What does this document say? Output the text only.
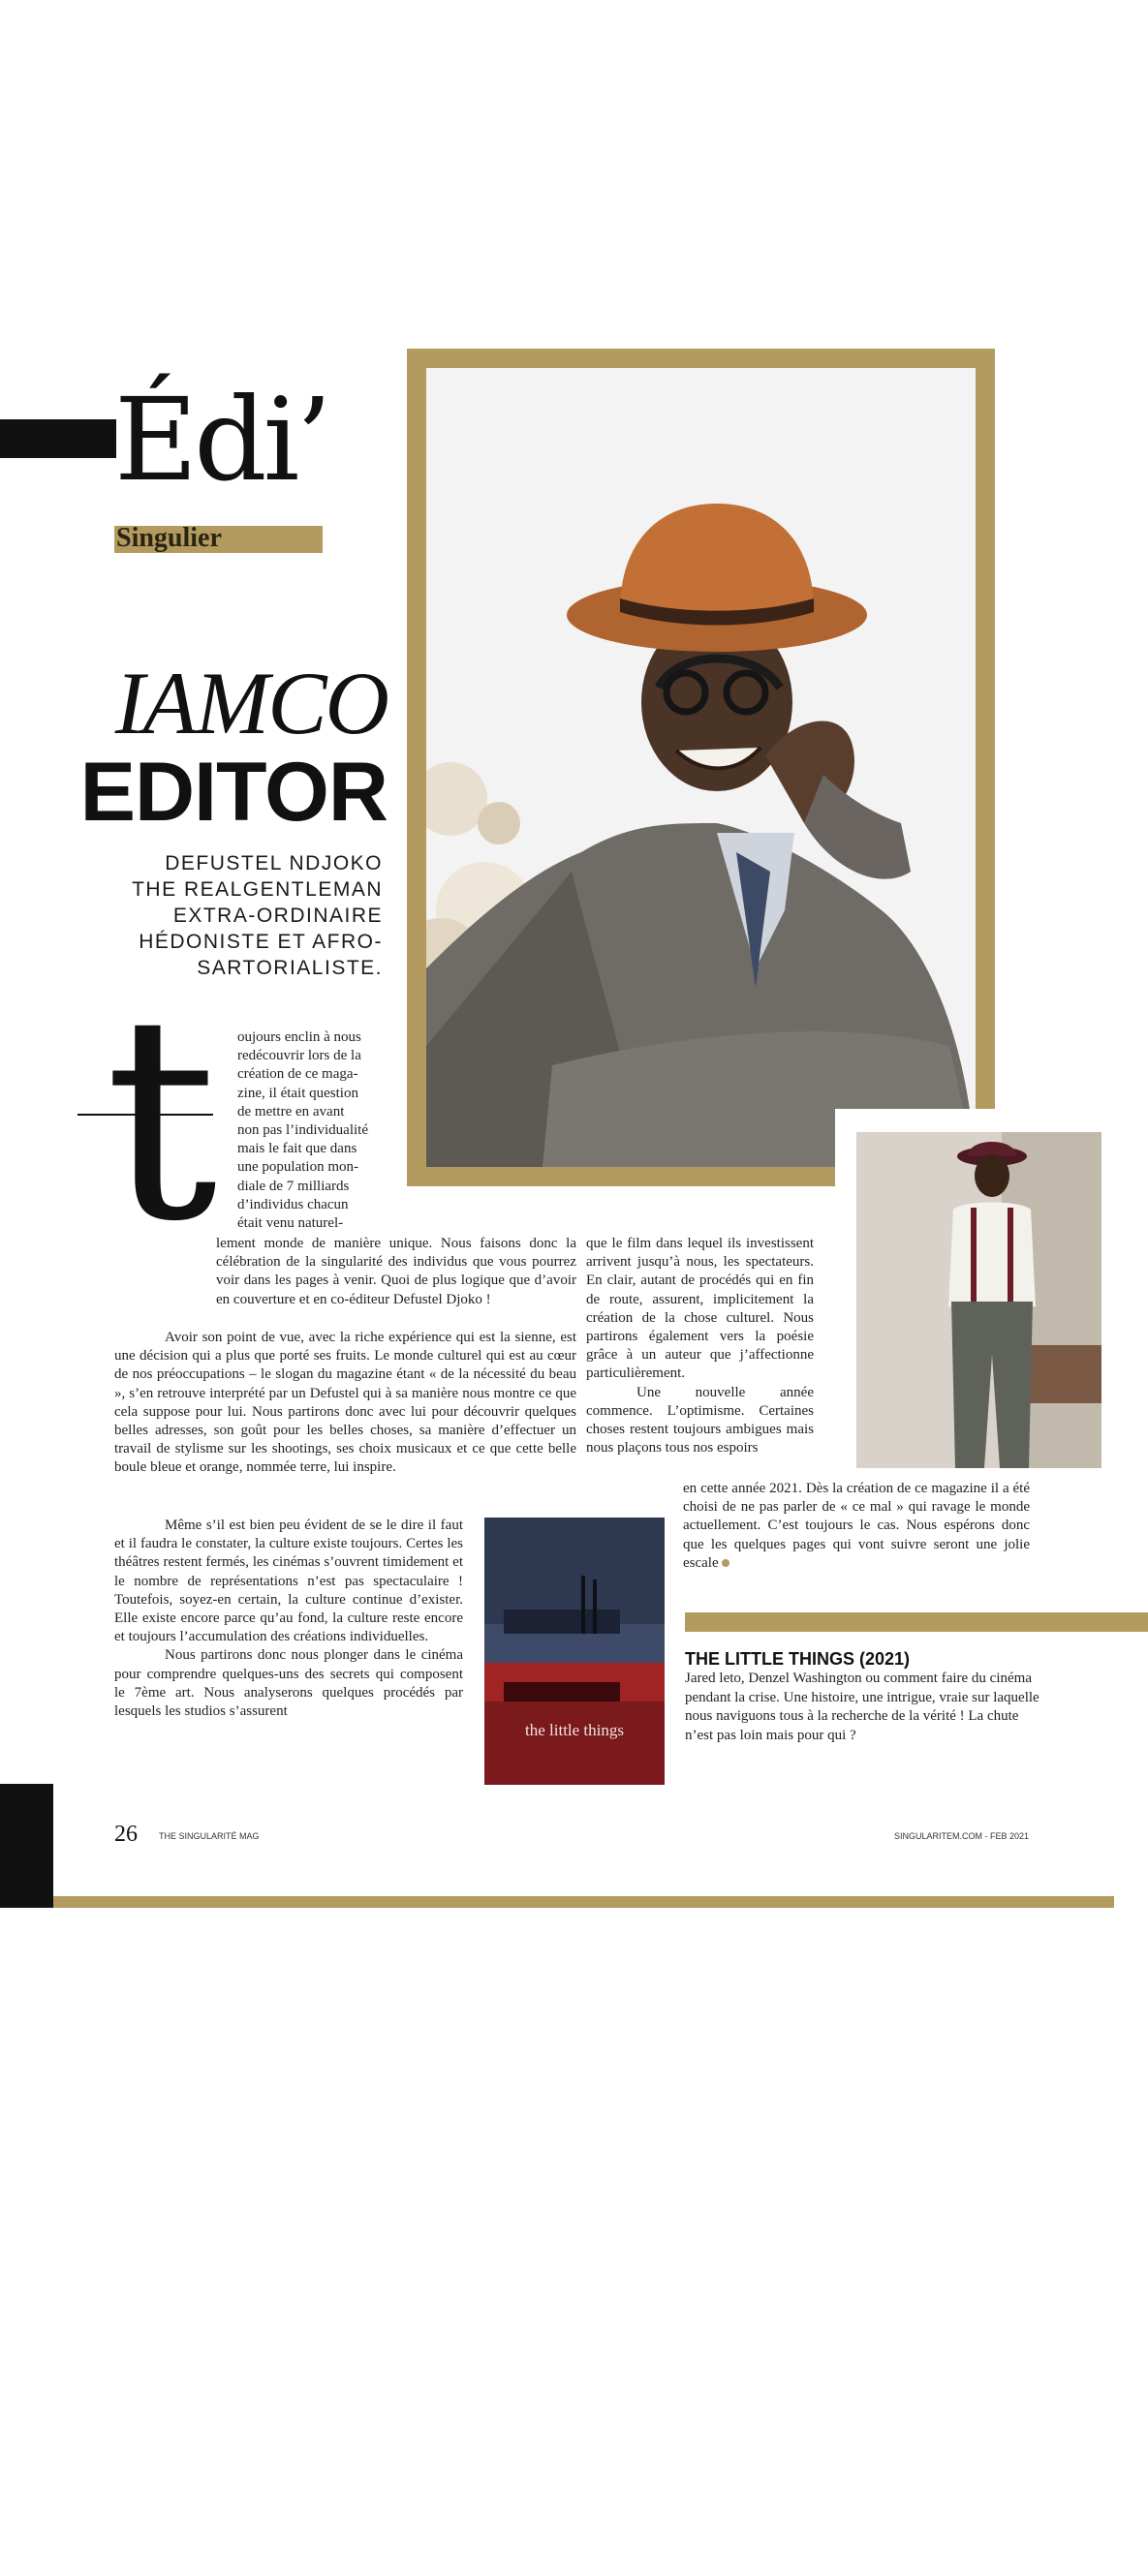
Édi’
Singulier
IAMCO
EDITOR
DEFUSTEL NDJOKO
THE REALGENTLEMAN
EXTRA-ORDINAIRE
HÉDONISTE ET AFRO-
SARTORIALISTE.
the little things
t oujours enclin à nous
redécouvrir lors de la
création de ce maga-
zine, il était question
de mettre en avant
non pas l’individualité
mais le fait que dans
une population mon-
diale de 7 milliards
d’individus chacun
était venu naturel-

lement monde de manière unique. Nous faisons donc la célébration de la singularité des individus que vous pourrez voir dans les pages à venir. Quoi de plus logique que d’avoir en couverture et en co-éditeur Defustel Djoko !

Avoir son point de vue, avec la riche expérience qui est la sienne, est une décision qui a plus que porté ses fruits. Le monde culturel qui est au cœur de nos préoccupations – le slogan du magazine étant « de la nécessité du beau », s’en retrouve interprété par un Defustel qui à sa manière nous montre ce que cela suppose pour lui. Nous partirons donc avec lui pour découvrir quelques belles adresses, son goût pour les belles choses, sa manière d’effectuer un travail de stylisme sur les shootings, ses choix musicaux et ce que cette belle boule bleue et orange, nommée terre, lui inspire.

Même s’il est bien peu évident de se le dire il faut et il faudra le constater, la culture existe toujours. Certes les théâtres restent fermés, les cinémas s’ouvrent timidement et le nombre de représentations n’est pas spectaculaire ! Toutefois, soyez-en certain, la culture continue d’exister. Elle existe encore parce qu’au fond, la culture reste encore et toujours l’accumulation des créations individuelles.

Nous partirons donc nous plonger dans le cinéma pour comprendre quelques-uns des secrets qui composent le 7ème art. Nous analyserons quelques procédés par lesquels les studios s’assurent

que le film dans lequel ils investissent arrivent jusqu’à nous, les spectateurs. En clair, autant de procédés qui en fin de route, assurent, implicitement la création de la chose culturel. Nous partirons également vers la poésie grâce à un auteur que j’affectionne particulièrement.

Une nouvelle année commence. L’optimisme. Certaines choses restent toujours ambigues mais nous plaçons tous nos espoirs

en cette année 2021. Dès la création de ce magazine il a été choisi de ne pas parler de « ce mal » qui ravage le monde actuellement. C’est toujours le cas. Nous espérons donc que les quelques pages qui vont suivre seront une jolie escale

THE LITTLE THINGS (2021)
Jared leto, Denzel Washington ou comment faire du cinéma pendant la crise. Une histoire, une intrigue, vraie sur laquelle nous naviguons tous à la recherche de la vérité ! La chute n’est pas loin mais pour qui ?
26 THE SINGULARITÉ MAG	SINGULARITEM.COM - FEB 2021
